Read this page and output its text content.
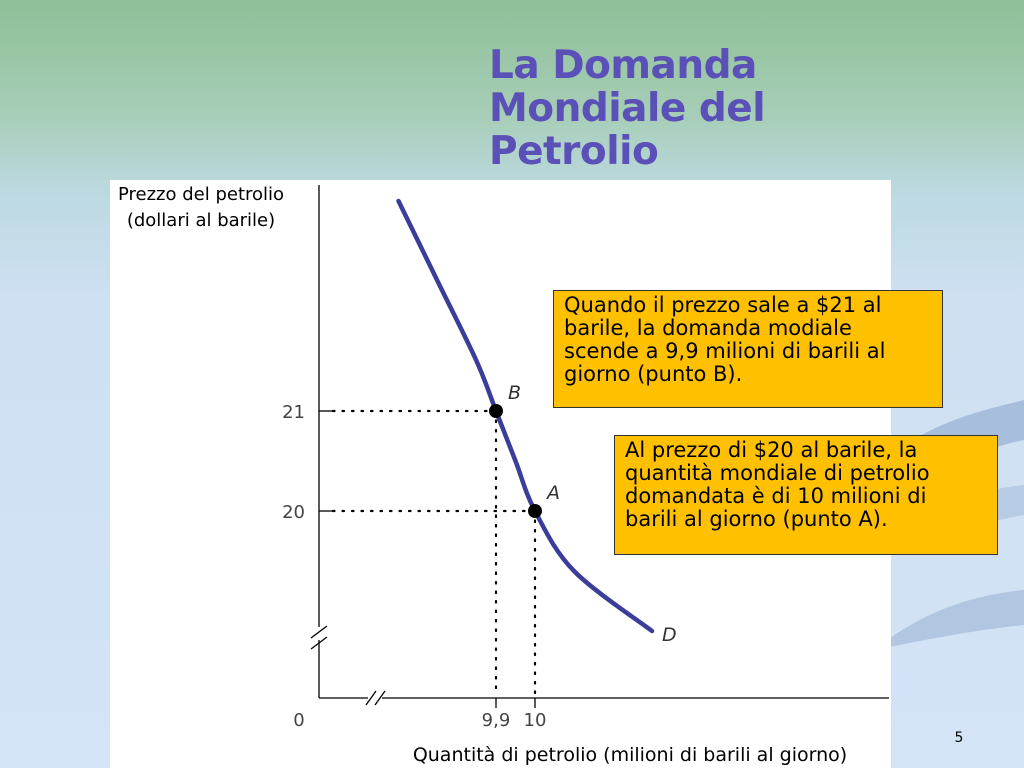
La Domanda
Mondiale del
Petrolio
Prezzo del petrolio
(dollari al barile)
0
Quantità di petrolio (milioni di barili al giorno)
21
20
9,9 10
D
B
A
Quando il prezzo sale a $21 al
barile, la domanda modiale
scende a 9,9 milioni di barili al
giorno (punto B).
Al prezzo di $20 al barile, la
quantità mondiale di petrolio
domandata è di 10 milioni di
barili al giorno (punto A).
5
